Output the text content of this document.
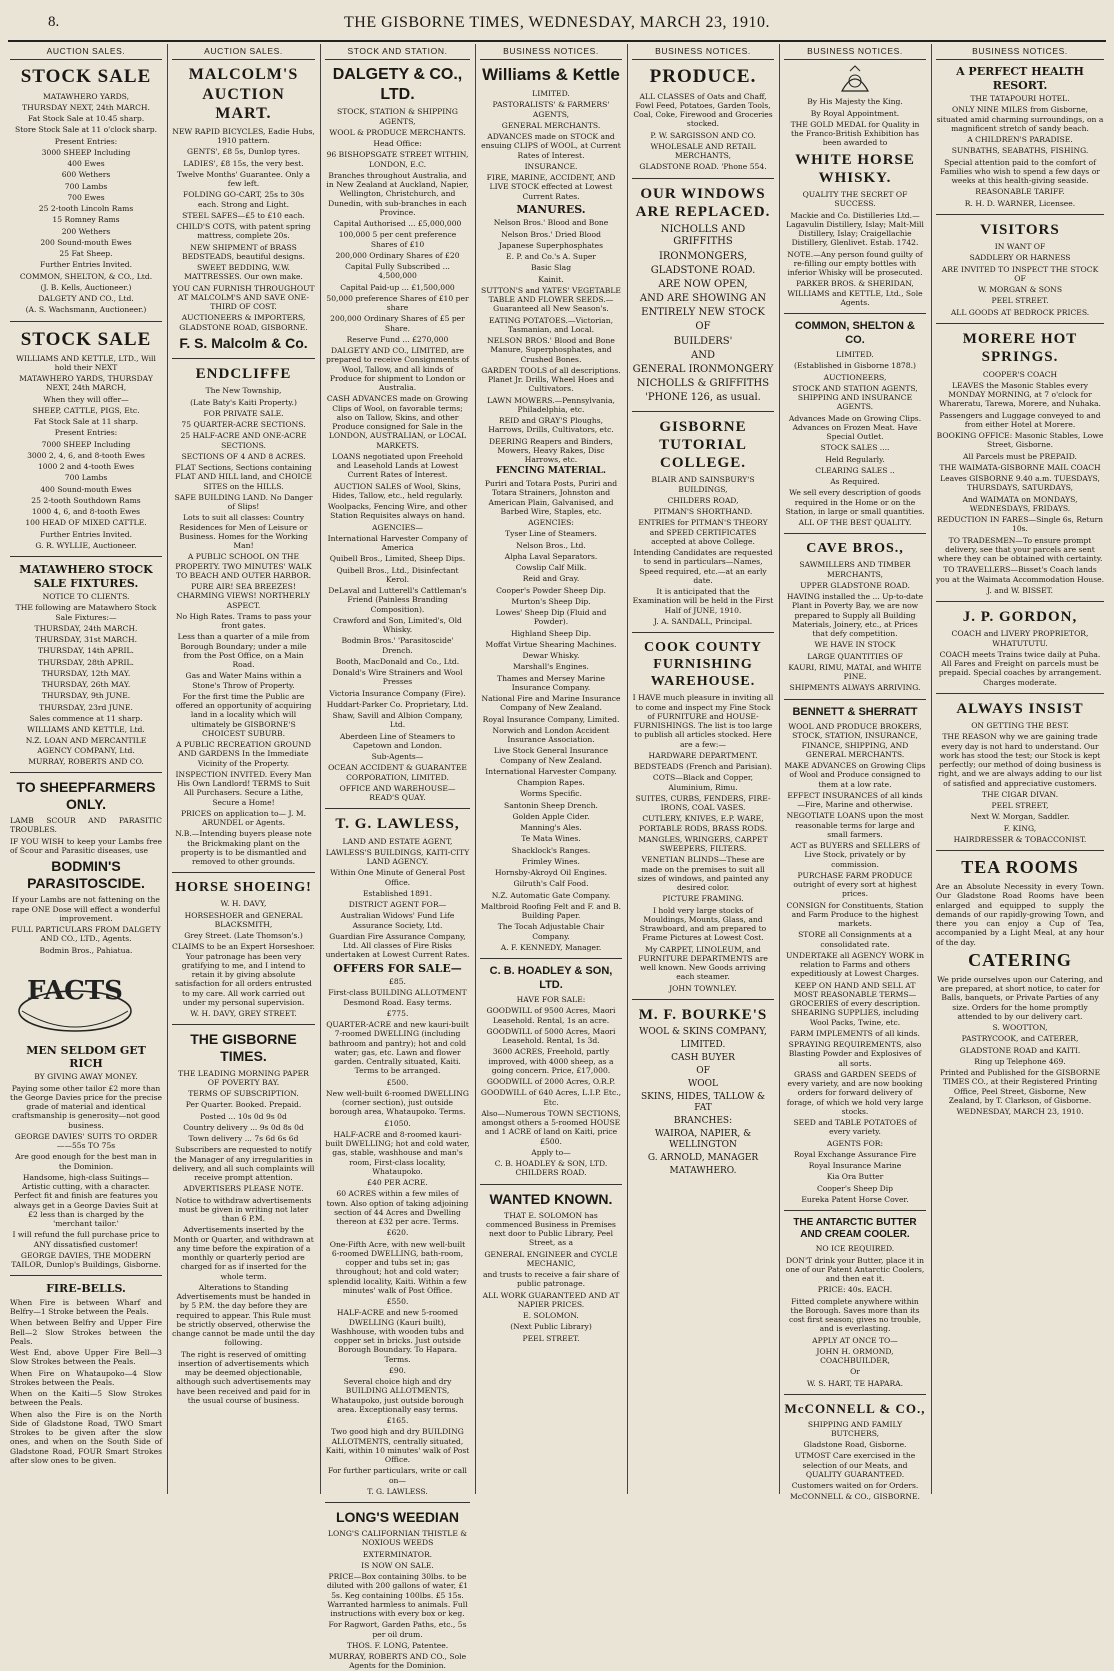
8.	THE GISBORNE TIMES, WEDNESDAY, MARCH 23, 1910.
AUCTION SALES.
STOCK SALE

MATAWHERO YARDS,

THURSDAY NEXT, 24th MARCH.

Fat Stock Sale at 10.45 sharp.

Store Stock Sale at 11 o'clock sharp.

Present Entries:

3000 SHEEP Including

400 Ewes

600 Wethers

700 Lambs

700 Ewes

25 2-tooth Lincoln Rams

15 Romney Rams

200 Wethers

200 Sound-mouth Ewes

25 Fat Sheep.

Further Entries Invited.

COMMON, SHELTON, & CO., Ltd.

(J. B. Kells, Auctioneer.)

DALGETY AND CO., Ltd.

(A. S. Wachsmann, Auctioneer.)

STOCK SALE

WILLIAMS AND KETTLE, LTD., Will hold their NEXT

MATAWHERO YARDS, THURSDAY NEXT, 24th MARCH,

When they will offer—

SHEEP, CATTLE, PIGS, Etc.

Fat Stock Sale at 11 sharp.

Present Entries:

7000 SHEEP Including

3000 2, 4, 6, and 8-tooth Ewes

1000 2 and 4-tooth Ewes

700 Lambs

400 Sound-mouth Ewes

25 2-tooth Southdown Rams

1000 4, 6, and 8-tooth Ewes

100 HEAD OF MIXED CATTLE.

Further Entries Invited.

G. R. WYLLIE, Auctioneer.

MATAWHERO STOCK SALE FIXTURES.

NOTICE TO CLIENTS.

THE following are Matawhero Stock Sale Fixtures:—

THURSDAY, 24th MARCH.

THURSDAY, 31st MARCH.

THURSDAY, 14th APRIL.

THURSDAY, 28th APRIL.

THURSDAY, 12th MAY.

THURSDAY, 26th MAY.

THURSDAY, 9th JUNE.

THURSDAY, 23rd JUNE.

Sales commence at 11 sharp.

WILLIAMS AND KETTLE, Ltd.

N.Z. LOAN AND MERCANTILE AGENCY COMPANY, Ltd.

MURRAY, ROBERTS AND CO.

TO SHEEPFARMERS ONLY.

LAMB SCOUR AND PARASITIC TROUBLES.

IF YOU WISH to keep your Lambs free of Scour and Parasitic diseases, use

BODMIN'S PARASITOSCIDE.

If your Lambs are not fattening on the rape ONE Dose will effect a wonderful improvement.

FULL PARTICULARS FROM DALGETY AND CO., LTD., Agents.

Bodmin Bros., Pahiatua.

FACTS
MEN SELDOM GET RICH

BY GIVING AWAY MONEY.

Paying some other tailor £2 more than the George Davies price for the precise grade of material and identical craftsmanship is generosity—not good business.

GEORGE DAVIES' SUITS TO ORDER——55s TO 75s

Are good enough for the best man in the Dominion.

Handsome, high-class Suitings—Artistic cutting, with a character. Perfect fit and finish are features you always get in a George Davies Suit at £2 less than is charged by the 'merchant tailor.'

I will refund the full purchase price to ANY dissatisfied customer!

GEORGE DAVIES, THE MODERN TAILOR, Dunlop's Buildings, Gisborne.

FIRE-BELLS.

When Fire is between Wharf and Belfry—1 Stroke between the Peals.

When between Belfry and Upper Fire Bell—2 Slow Strokes between the Peals.

West End, above Upper Fire Bell—3 Slow Strokes between the Peals.

When Fire on Whataupoko—4 Slow Strokes between the Peals.

When on the Kaiti—5 Slow Strokes between the Peals.

When also the Fire is on the North Side of Gladstone Road, TWO Smart Strokes to be given after the slow ones, and when on the South Side of Gladstone Road, FOUR Smart Strokes after slow ones to be given.

AUCTION SALES.
MALCOLM'S AUCTION MART.

NEW RAPID BICYCLES, Eadie Hubs, 1910 pattern.

GENTS', £8 5s, Dunlop tyres.

LADIES', £8 15s, the very best.

Twelve Months' Guarantee. Only a few left.

FOLDING GO-CART, 25s to 30s each. Strong and Light.

STEEL SAFES—£5 to £10 each.

CHILD'S COTS, with patent spring mattress, complete 20s.

NEW SHIPMENT of BRASS BEDSTEADS, beautiful designs.

SWEET BEDDING, W.W. MATTRESSES. Our own make.

YOU CAN FURNISH THROUGHOUT AT MALCOLM'S AND SAVE ONE-THIRD OF COST.

AUCTIONEERS & IMPORTERS, GLADSTONE ROAD, GISBORNE.

F. S. Malcolm & Co.
ENDCLIFFE

The New Township,

(Late Baty's Kaiti Property.)

FOR PRIVATE SALE.

75 QUARTER-ACRE SECTIONS.

25 HALF-ACRE AND ONE-ACRE SECTIONS.

SECTIONS OF 4 AND 8 ACRES.

FLAT Sections, Sections containing FLAT AND HILL land, and CHOICE SITES on the HILLS.

SAFE BUILDING LAND. No Danger of Slips!

Lots to suit all classes: Country Residences for Men of Leisure or Business. Homes for the Working Man!

A PUBLIC SCHOOL ON THE PROPERTY. TWO MINUTES' WALK TO BEACH AND OUTER HARBOR.

PURE AIR! SEA BREEZES! CHARMING VIEWS! NORTHERLY ASPECT.

No High Rates. Trams to pass your front gates.

Less than a quarter of a mile from Borough Boundary; under a mile from the Post Office, on a Main Road.

Gas and Water Mains within a Stone's Throw of Property.

For the first time the Public are offered an opportunity of acquiring land in a locality which will ultimately be GISBORNE'S CHOICEST SUBURB.

A PUBLIC RECREATION GROUND AND GARDENS In the Immediate Vicinity of the Property.

INSPECTION INVITED. Every Man His Own Landlord! TERMS to Suit All Purchasers. Secure a Lithe, Secure a Home!

PRICES on application to— J. M. ARUNDEL or Agents.

N.B.—Intending buyers please note the Brickmaking plant on the property is to be dismantled and removed to other grounds.

HORSE SHOEING!

W. H. DAVY,

HORSESHOER and GENERAL BLACKSMITH,

Grey Street. (Late Thomson's.)

CLAIMS to be an Expert Horseshoer. Your patronage has been very gratifying to me, and I intend to retain it by giving absolute satisfaction for all orders entrusted to my care. All work carried out under my personal supervision.

W. H. DAVY, GREY STREET.

THE GISBORNE TIMES.

THE LEADING MORNING PAPER OF POVERTY BAY.

TERMS OF SUBSCRIPTION.

Per Quarter. Booked. Prepaid.

Posted ... 10s 0d 9s 0d

Country delivery ... 9s 0d 8s 0d

Town delivery ... 7s 6d 6s 6d

Subscribers are requested to notify the Manager of any irregularities in delivery, and all such complaints will receive prompt attention.

ADVERTISERS PLEASE NOTE.

Notice to withdraw advertisements must be given in writing not later than 6 P.M.

Advertisements inserted by the Month or Quarter, and withdrawn at any time before the expiration of a monthly or quarterly period are charged for as if inserted for the whole term.

Alterations to Standing Advertisements must be handed in by 5 P.M. the day before they are required to appear. This Rule must be strictly observed, otherwise the change cannot be made until the day following.

The right is reserved of omitting insertion of advertisements which may be deemed objectionable, although such advertisements may have been received and paid for in the usual course of business.

STOCK AND STATION.
DALGETY & CO., LTD.

STOCK, STATION & SHIPPING AGENTS,

WOOL & PRODUCE MERCHANTS.

Head Office:

96 BISHOPSGATE STREET WITHIN, LONDON, E.C.

Branches throughout Australia, and in New Zealand at Auckland, Napier, Wellington, Christchurch, and Dunedin, with sub-branches in each Province.

Capital Authorised ... £5,000,000

100,000 5 per cent preference Shares of £10

200,000 Ordinary Shares of £20

Capital Fully Subscribed ... 4,500,000

Capital Paid-up ... £1,500,000

50,000 preference Shares of £10 per share

200,000 Ordinary Shares of £5 per Share.

Reserve Fund ... £270,000

DALGETY AND CO., LIMITED, are prepared to receive Consignments of Wool, Tallow, and all kinds of Produce for shipment to London or Australia.

CASH ADVANCES made on Growing Clips of Wool, on favorable terms; also on Tallow, Skins, and other Produce consigned for Sale in the LONDON, AUSTRALIAN, or LOCAL MARKETS.

LOANS negotiated upon Freehold and Leasehold Lands at Lowest Current Rates of Interest.

AUCTION SALES of Wool, Skins, Hides, Tallow, etc., held regularly.

Woolpacks, Fencing Wire, and other Station Requisites always on hand.

AGENCIES—

International Harvester Company of America

Quibell Bros., Limited, Sheep Dips.

Quibell Bros., Ltd., Disinfectant Kerol.

DeLaval and Lutterell's Cattleman's Friend (Painless Branding Composition).

Crawford and Son, Limited's, Old Whisky.

Bodmin Bros.' 'Parasitoscide' Drench.

Booth, MacDonald and Co., Ltd.

Donald's Wire Strainers and Wool Presses

Victoria Insurance Company (Fire).

Huddart-Parker Co. Proprietary, Ltd.

Shaw, Savill and Albion Company, Ltd.

Aberdeen Line of Steamers to Capetown and London.

Sub-Agents—

OCEAN ACCIDENT & GUARANTEE CORPORATION, LIMITED.

OFFICE AND WAREHOUSE—READ'S QUAY.

T. G. LAWLESS,

LAND AND ESTATE AGENT,

LAWLESS'S BUILDINGS, KAITI-CITY LAND AGENCY.

Within One Minute of General Post Office.

Established 1891.

DISTRICT AGENT FOR—

Australian Widows' Fund Life Assurance Society, Ltd.

Guardian Fire Assurance Company, Ltd. All classes of Fire Risks undertaken at Lowest Current Rates.

OFFERS FOR SALE—

£85.

First-class BUILDING ALLOTMENT Desmond Road. Easy terms.

£775.

QUARTER-ACRE and new kauri-built 7-roomed DWELLING (including bathroom and pantry); hot and cold water; gas, etc. Lawn and flower garden. Centrally situated, Kaiti. Terms to be arranged.

£500.

New well-built 6-roomed DWELLING (corner section), just outside borough area, Whataupoko. Terms.

£1050.

HALF-ACRE and 8-roomed kauri-built DWELLING; hot and cold water, gas, stable, washhouse and man's room, First-class locality, Whataupoko.

£40 PER ACRE.

60 ACRES within a few miles of town. Also option of taking adjoining section of 44 Acres and Dwelling thereon at £32 per acre. Terms.

£620.

One-Fifth Acre, with new well-built 6-roomed DWELLING, bath-room, copper and tubs set in; gas throughout; hot and cold water; splendid locality, Kaiti. Within a few minutes' walk of Post Office.

£550.

HALF-ACRE and new 5-roomed DWELLING (Kauri built), Washhouse, with wooden tubs and copper set in bricks. Just outside Borough Boundary. To Hapara. Terms.

£90.

Several choice high and dry BUILDING ALLOTMENTS, Whataupoko, just outside borough area. Exceptionally easy terms.

£165.

Two good high and dry BUILDING ALLOTMENTS, centrally situated, Kaiti, within 10 minutes' walk of Post Office.

For further particulars, write or call on—

T. G. LAWLESS.

LONG'S WEEDIAN

LONG'S CALIFORNIAN THISTLE & NOXIOUS WEEDS

EXTERMINATOR.

IS NOW ON SALE.

PRICE—Box containing 30lbs. to be diluted with 200 gallons of water, £1 5s. Keg containing 100lbs. £5 15s. Warranted harmless to animals. Full instructions with every box or keg.

For Ragwort, Garden Paths, etc., 5s per oil drum.

THOS. F. LONG, Patentee.

MURRAY, ROBERTS AND CO., Sole Agents for the Dominion.

BUSINESS NOTICES.
Williams & Kettle

LIMITED.

PASTORALISTS' & FARMERS' AGENTS,

GENERAL MERCHANTS.

ADVANCES made on STOCK and ensuing CLIPS of WOOL, at Current Rates of Interest.

INSURANCE.

FIRE, MARINE, ACCIDENT, AND LIVE STOCK effected at Lowest Current Rates.

MANURES.

Nelson Bros.' Blood and Bone

Nelson Bros.' Dried Blood

Japanese Superphosphates

E. P. and Co.'s A. Super

Basic Slag

Kainit.

SUTTON'S and YATES' VEGETABLE TABLE AND FLOWER SEEDS.—Guaranteed all New Season's.

EATING POTATOES.—Victorian, Tasmanian, and Local.

NELSON BROS.' Blood and Bone Manure, Superphosphates, and Crushed Bones.

GARDEN TOOLS of all descriptions. Planet Jr. Drills, Wheel Hoes and Cultivators.

LAWN MOWERS.—Pennsylvania, Philadelphia, etc.

REID and GRAY'S Ploughs, Harrows, Drills, Cultivators, etc.

DEERING Reapers and Binders, Mowers, Heavy Rakes, Disc Harrows, etc.

FENCING MATERIAL.

Puriri and Totara Posts, Puriri and Totara Strainers, Johnston and American Plain, Galvanised, and Barbed Wire, Staples, etc.

AGENCIES:

Tyser Line of Steamers.

Nelson Bros., Ltd.

Alpha Laval Separators.

Cowslip Calf Milk.

Reid and Gray.

Cooper's Powder Sheep Dip.

Murton's Sheep Dip.

Lowes' Sheep Dip (Fluid and Powder).

Highland Sheep Dip.

Moffat Virtue Shearing Machines.

Dewar Whisky.

Marshall's Engines.

Thames and Mersey Marine Insurance Company.

National Fire and Marine Insurance Company of New Zealand.

Royal Insurance Company, Limited.

Norwich and London Accident Insurance Association.

Live Stock General Insurance Company of New Zealand.

International Harvester Company.

Champion Rapes.

Worms Specific.

Santonin Sheep Drench.

Golden Apple Cider.

Manning's Ales.

Te Mata Wines.

Shacklock's Ranges.

Frimley Wines.

Hornsby-Akroyd Oil Engines.

Gilruth's Calf Food.

N.Z. Automatic Gate Company.

Maltbroid Roofing Felt and F. and B. Building Paper.

The Tocah Adjustable Chair Company.

A. F. KENNEDY, Manager.

C. B. HOADLEY & SON, LTD.

HAVE FOR SALE:

GOODWILL of 9500 Acres, Maori Leasehold. Rental, 1s an acre.

GOODWILL of 5000 Acres, Maori Leasehold. Rental, 1s 3d.

3600 ACRES, Freehold, partly improved, with 4000 sheep, as a going concern. Price, £17,000.

GOODWILL of 2000 Acres, O.R.P.

GOODWILL of 640 Acres, L.I.P. Etc., Etc.

Also—Numerous TOWN SECTIONS, amongst others a 5-roomed HOUSE and 1 ACRE of land on Kaiti, price £500.

Apply to—

C. B. HOADLEY & SON, LTD. CHILDERS ROAD.

WANTED KNOWN.

THAT E. SOLOMON has commenced Business in Premises next door to Public Library, Peel Street, as a

GENERAL ENGINEER and CYCLE MECHANIC,

and trusts to receive a fair share of public patronage.

ALL WORK GUARANTEED AND AT NAPIER PRICES.

E. SOLOMON.

(Next Public Library)

PEEL STREET.

BUSINESS NOTICES.
PRODUCE.

ALL CLASSES of Oats and Chaff, Fowl Feed, Potatoes, Garden Tools, Coal, Coke, Firewood and Groceries stocked.

P. W. SARGISSON AND CO.

WHOLESALE AND RETAIL MERCHANTS,

GLADSTONE ROAD. 'Phone 554.

OUR WINDOWS ARE REPLACED.

NICHOLLS AND GRIFFITHS

IRONMONGERS,

GLADSTONE ROAD.

ARE NOW OPEN,

AND ARE SHOWING AN

ENTIRELY NEW STOCK

OF

BUILDERS'

AND

GENERAL IRONMONGERY

NICHOLLS & GRIFFITHS

'PHONE 126, as usual.

GISBORNE TUTORIAL COLLEGE.

BLAIR AND SAINSBURY'S BUILDINGS,

CHILDERS ROAD,

PITMAN'S SHORTHAND.

ENTRIES for PITMAN'S THEORY and SPEED CERTIFICATES accepted at above College.

Intending Candidates are requested to send in particulars—Names, Speed required, etc.—at an early date.

It is anticipated that the Examination will be held in the First Half of JUNE, 1910.

J. A. SANDALL, Principal.

COOK COUNTY FURNISHING WAREHOUSE.

I HAVE much pleasure in inviting all to come and inspect my Fine Stock of FURNITURE and HOUSE-FURNISHINGS. The list is too large to publish all articles stocked. Here are a few:—

HARDWARE DEPARTMENT.

BEDSTEADS (French and Parisian).

COTS—Black and Copper, Aluminium, Rimu.

SUITES, CURBS, FENDERS, FIRE-IRONS, COAL VASES.

CUTLERY, KNIVES, E.P. WARE, PORTABLE RODS, BRASS RODS.

MANGLES, WRINGERS, CARPET SWEEPERS, FILTERS.

VENETIAN BLINDS—These are made on the premises to suit all sizes of windows, and painted any desired color.

PICTURE FRAMING.

I hold very large stocks of Mouldings, Mounts, Glass, and Strawboard, and am prepared to Frame Pictures at Lowest Cost.

My CARPET, LINOLEUM, and FURNITURE DEPARTMENTS are well known. New Goods arriving each steamer.

JOHN TOWNLEY.

M. F. BOURKE'S

WOOL & SKINS COMPANY,

LIMITED.

CASH BUYER

OF

WOOL

SKINS, HIDES, TALLOW & FAT

BRANCHES:

WAIROA, NAPIER, & WELLINGTON

G. ARNOLD, MANAGER

MATAWHERO.

BUSINESS NOTICES.

By His Majesty the King.

By Royal Appointment.

THE GOLD MEDAL for Quality in the Franco-British Exhibition has been awarded to

WHITE HORSE WHISKY.

QUALITY THE SECRET OF SUCCESS.

Mackie and Co. Distilleries Ltd.—Lagavulin Distillery, Islay; Malt-Mill Distillery, Islay; Craigellachie Distillery, Glenlivet. Estab. 1742.

NOTE.—Any person found guilty of re-filling our empty bottles with inferior Whisky will be prosecuted.

PARKER BROS. & SHERIDAN, WILLIAMS and KETTLE, Ltd., Sole Agents.

COMMON, SHELTON & CO.

LIMITED.

(Established in Gisborne 1878.)

AUCTIONEERS,

STOCK AND STATION AGENTS, SHIPPING AND INSURANCE AGENTS.

Advances Made on Growing Clips. Advances on Frozen Meat. Have Special Outlet.

STOCK SALES ....

Held Regularly.

CLEARING SALES ..

As Required.

We sell every description of goods required in the Home or on the Station, in large or small quantities.

ALL OF THE BEST QUALITY.

CAVE BROS.,

SAWMILLERS AND TIMBER MERCHANTS,

UPPER GLADSTONE ROAD.

HAVING installed the ... Up-to-date Plant in Poverty Bay, we are now prepared to Supply all Building Materials, Joinery, etc., at Prices that defy competition.

WE HAVE IN STOCK

LARGE QUANTITIES OF

KAURI, RIMU, MATAI, and WHITE PINE.

SHIPMENTS ALWAYS ARRIVING.

BENNETT & SHERRATT

WOOL AND PRODUCE BROKERS, STOCK, STATION, INSURANCE, FINANCE, SHIPPING, AND GENERAL MERCHANTS.

MAKE ADVANCES on Growing Clips of Wool and Produce consigned to them at a low rate.

EFFECT INSURANCES of all kinds—Fire, Marine and otherwise.

NEGOTIATE LOANS upon the most reasonable terms for large and small farmers.

ACT as BUYERS and SELLERS of Live Stock, privately or by commission.

PURCHASE FARM PRODUCE outright of every sort at highest prices.

CONSIGN for Constituents, Station and Farm Produce to the highest markets.

STORE all Consignments at a consolidated rate.

UNDERTAKE all AGENCY WORK in relation to Farms and others expeditiously at Lowest Charges.

KEEP ON HAND AND SELL AT MOST REASONABLE TERMS—GROCERIES of every description. SHEARING SUPPLIES, including Wool Packs, Twine, etc.

FARM IMPLEMENTS of all kinds.

SPRAYING REQUIREMENTS, also Blasting Powder and Explosives of all sorts.

GRASS and GARDEN SEEDS of every variety, and are now booking orders for forward delivery of forage, of which we hold very large stocks.

SEED and TABLE POTATOES of every variety.

AGENTS FOR:

Royal Exchange Assurance Fire

Royal Insurance Marine

Kia Ora Butter

Cooper's Sheep Dip

Eureka Patent Horse Cover.

THE ANTARCTIC BUTTER AND CREAM COOLER.

NO ICE REQUIRED.

DON'T drink your Butter, place it in one of our Patent Antarctic Coolers, and then eat it.

PRICE: 40s. EACH.

Fitted complete anywhere within the Borough. Saves more than its cost first season; gives no trouble, and is everlasting.

APPLY AT ONCE TO—

JOHN H. ORMOND, COACHBUILDER,

Or

W. S. HART, TE HAPARA.

McCONNELL & CO.,

SHIPPING AND FAMILY BUTCHERS,

Gladstone Road, Gisborne.

UTMOST Care exercised in the selection of our Meats, and QUALITY GUARANTEED.

Customers waited on for Orders.

McCONNELL & CO., GISBORNE.

BUSINESS NOTICES.
A PERFECT HEALTH RESORT.

THE TATAPOURI HOTEL.

ONLY NINE MILES from Gisborne, situated amid charming surroundings, on a magnificent stretch of sandy beach.

A CHILDREN'S PARADISE.

SUNBATHS, SEABATHS, FISHING.

Special attention paid to the comfort of Families who wish to spend a few days or weeks at this health-giving seaside.

REASONABLE TARIFF.

R. H. D. WARNER, Licensee.

VISITORS

IN WANT OF

SADDLERY OR HARNESS

ARE INVITED TO INSPECT THE STOCK OF

W. MORGAN & SONS

PEEL STREET.

ALL GOODS AT BEDROCK PRICES.

MORERE HOT SPRINGS.

COOPER'S COACH

LEAVES the Masonic Stables every MONDAY MORNING, at 7 o'clock for Whareratu, Tarewa, Morere, and Nuhaka.

Passengers and Luggage conveyed to and from either Hotel at Morere.

BOOKING OFFICE: Masonic Stables, Lowe Street, Gisborne.

All Parcels must be PREPAID.

THE WAIMATA-GISBORNE MAIL COACH

Leaves GISBORNE 9.40 a.m. TUESDAYS, THURSDAYS, SATURDAYS,

And WAIMATA on MONDAYS, WEDNESDAYS, FRIDAYS.

REDUCTION IN FARES—Single 6s, Return 10s.

TO TRADESMEN—To ensure prompt delivery, see that your parcels are sent where they can be obtained with certainty.

TO TRAVELLERS—Bisset's Coach lands you at the Waimata Accommodation House.

J. and W. BISSET.

J. P. GORDON,

COACH and LIVERY PROPRIETOR, WHATUTUTU.

COACH meets Trains twice daily at Puha. All Fares and Freight on parcels must be prepaid. Special coaches by arrangement. Charges moderate.

ALWAYS INSIST

ON GETTING THE BEST.

THE REASON why we are gaining trade every day is not hard to understand. Our work has stood the test; our Stock is kept perfectly; our method of doing business is right, and we are always adding to our list of satisfied and appreciative customers.

THE CIGAR DIVAN.

PEEL STREET,

Next W. Morgan, Saddler.

F. KING,

HAIRDRESSER & TOBACCONIST.

TEA ROOMS

Are an Absolute Necessity in every Town. Our Gladstone Road Rooms have been enlarged and equipped to supply the demands of our rapidly-growing Town, and there you can enjoy a Cup of Tea, accompanied by a Light Meal, at any hour of the day.

CATERING

We pride ourselves upon our Catering, and are prepared, at short notice, to cater for Balls, banquets, or Private Parties of any size. Orders for the home promptly attended to by our delivery cart.

S. WOOTTON,

PASTRYCOOK, and CATERER,

GLADSTONE ROAD and KAITI.

Ring up Telephone 469.

Printed and Published for the GISBORNE TIMES CO., at their Registered Printing Office, Peel Street, Gisborne, New Zealand, by T. Clarkson, of Gisborne.

WEDNESDAY, MARCH 23, 1910.
